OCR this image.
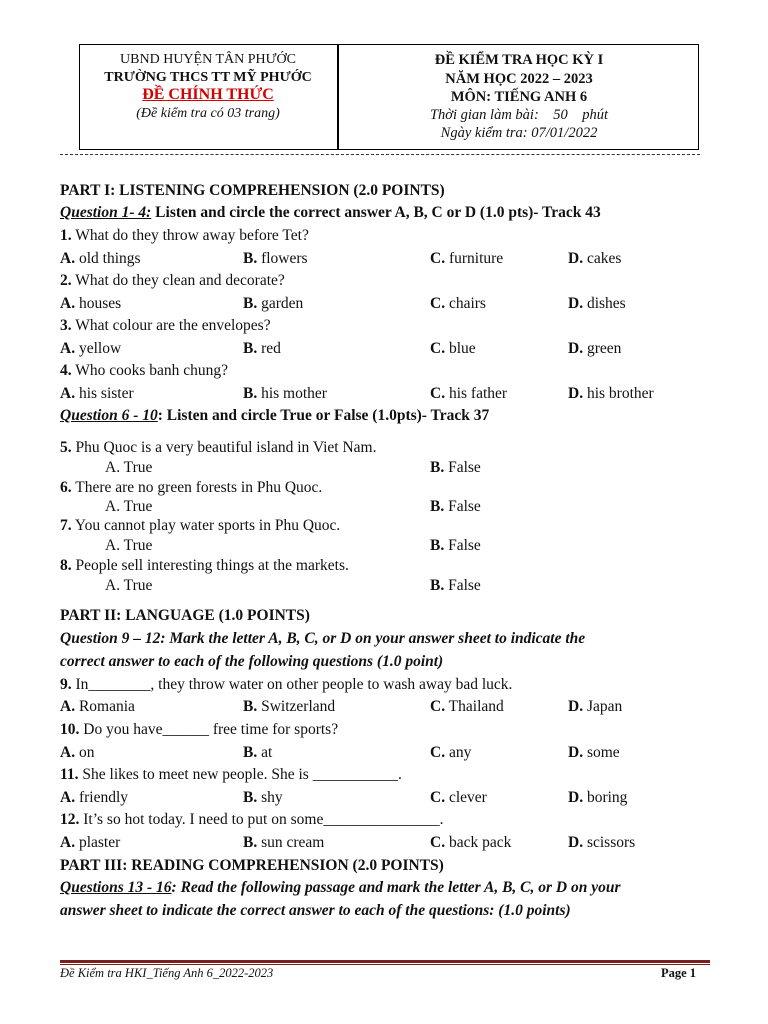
UBND HUYỆN TÂN PHƯỚC
TRƯỜNG THCS TT MỸ PHƯỚC
ĐỀ CHÍNH THỨC
(Đề kiểm tra có 03 trang)
ĐỀ KIỂM TRA HỌC KỲ I
NĂM HỌC 2022 – 2023
MÔN: TIẾNG ANH 6
Thời gian làm bài: 50 phút
Ngày kiểm tra: 07/01/2022
PART I: LISTENING COMPREHENSION (2.0 POINTS)
Question 1- 4: Listen and circle the correct answer A, B, C or D (1.0 pts)- Track 43
1. What do they throw away before Tet?
A. old things	B. flowers	C. furniture	D. cakes
2. What do they clean and decorate?
A. houses	B. garden	C. chairs	D. dishes
3. What colour are the envelopes?
A. yellow	B. red	C. blue	D. green
4. Who cooks banh chung?
A. his sister	B. his mother	C. his father	D. his brother
Question 6 - 10: Listen and circle True or False (1.0pts)- Track 37
5. Phu Quoc is a very beautiful island in Viet Nam.
A. True	B. False
6. There are no green forests in Phu Quoc.
A. True	B. False
7. You cannot play water sports in Phu Quoc.
A. True	B. False
8. People sell interesting things at the markets.
A. True	B. False
PART II: LANGUAGE (1.0 POINTS)
Question 9 – 12: Mark the letter A, B, C, or D on your answer sheet to indicate the
correct answer to each of the following questions (1.0 point)
9. In________, they throw water on other people to wash away bad luck.
A. Romania	B. Switzerland	C. Thailand	D. Japan
10. Do you have______ free time for sports?
A. on	B. at	C. any	D. some
11. She likes to meet new people. She is ___________.
A. friendly	B. shy	C. clever	D. boring
12. It’s so hot today. I need to put on some_______________.
A. plaster	B. sun cream	C. back pack	D. scissors
PART III: READING COMPREHENSION (2.0 POINTS)
Questions 13 - 16: Read the following passage and mark the letter A, B, C, or D on your
answer sheet to indicate the correct answer to each of the questions: (1.0 points)
Đề Kiểm tra HKI_Tiếng Anh 6_2022-2023	Page 1
